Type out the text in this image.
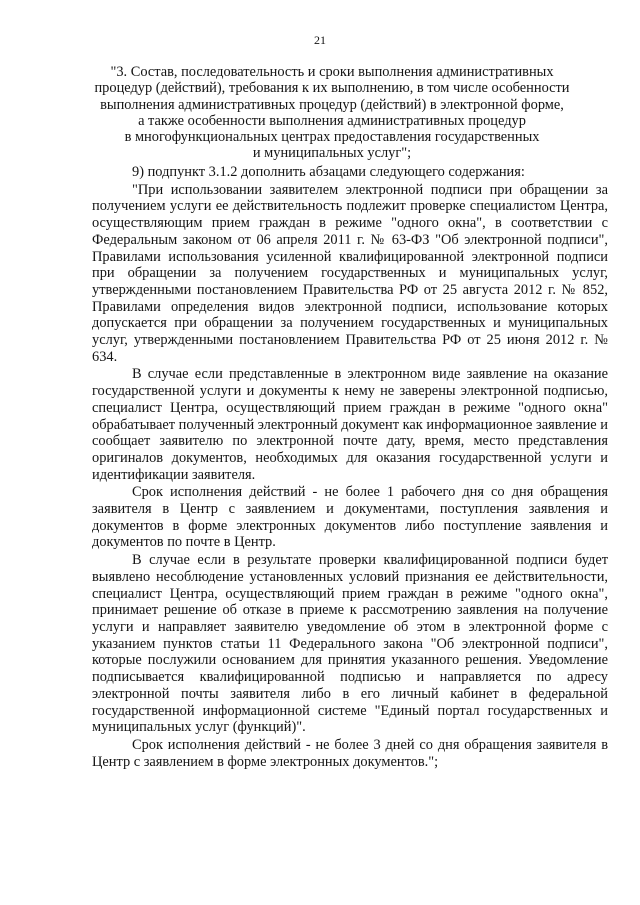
21
"3. Состав, последовательность и сроки выполнения административных
процедур (действий), требования к их выполнению, в том числе особенности
выполнения административных процедур (действий) в электронной форме,
а также особенности выполнения административных процедур
в многофункциональных центрах предоставления государственных
и муниципальных услуг";

9) подпункт 3.1.2 дополнить абзацами следующего содержания:

"При использовании заявителем электронной подписи при обращении за получением услуги ее действительность подлежит проверке специалистом Центра, осуществляющим прием граждан в режиме "одного окна", в соответствии с Федеральным законом от 06 апреля 2011 г. № 63-ФЗ "Об электронной подписи", Правилами использования усиленной квалифицированной электронной подписи при обращении за получением государственных и муниципальных услуг, утвержденными постановлением Правительства РФ от 25 августа 2012 г. № 852, Правилами определения видов электронной подписи, использование которых допускается при обращении за получением государственных и муниципальных услуг, утвержденными постановлением Правительства РФ от 25 июня 2012 г. № 634.

В случае если представленные в электронном виде заявление на оказание государственной услуги и документы к нему не заверены электронной подписью, специалист Центра, осуществляющий прием граждан в режиме "одного окна" обрабатывает полученный электронный документ как информационное заявление и сообщает заявителю по электронной почте дату, время, место представления оригиналов документов, необходимых для оказания государственной услуги и идентификации заявителя.

Срок исполнения действий - не более 1 рабочего дня со дня обращения заявителя в Центр с заявлением и документами, поступления заявления и документов в форме электронных документов либо поступление заявления и документов по почте в Центр.

В случае если в результате проверки квалифицированной подписи будет выявлено несоблюдение установленных условий признания ее действительности, специалист Центра, осуществляющий прием граждан в режиме "одного окна", принимает решение об отказе в приеме к рассмотрению заявления на получение услуги и направляет заявителю уведомление об этом в электронной форме с указанием пунктов статьи 11 Федерального закона "Об электронной подписи", которые послужили основанием для принятия указанного решения. Уведомление подписывается квалифицированной подписью и направляется по адресу электронной почты заявителя либо в его личный кабинет в федеральной государственной информационной системе "Единый портал государственных и муниципальных услуг (функций)".

Срок исполнения действий - не более 3 дней со дня обращения заявителя в Центр с заявлением в форме электронных документов.";
